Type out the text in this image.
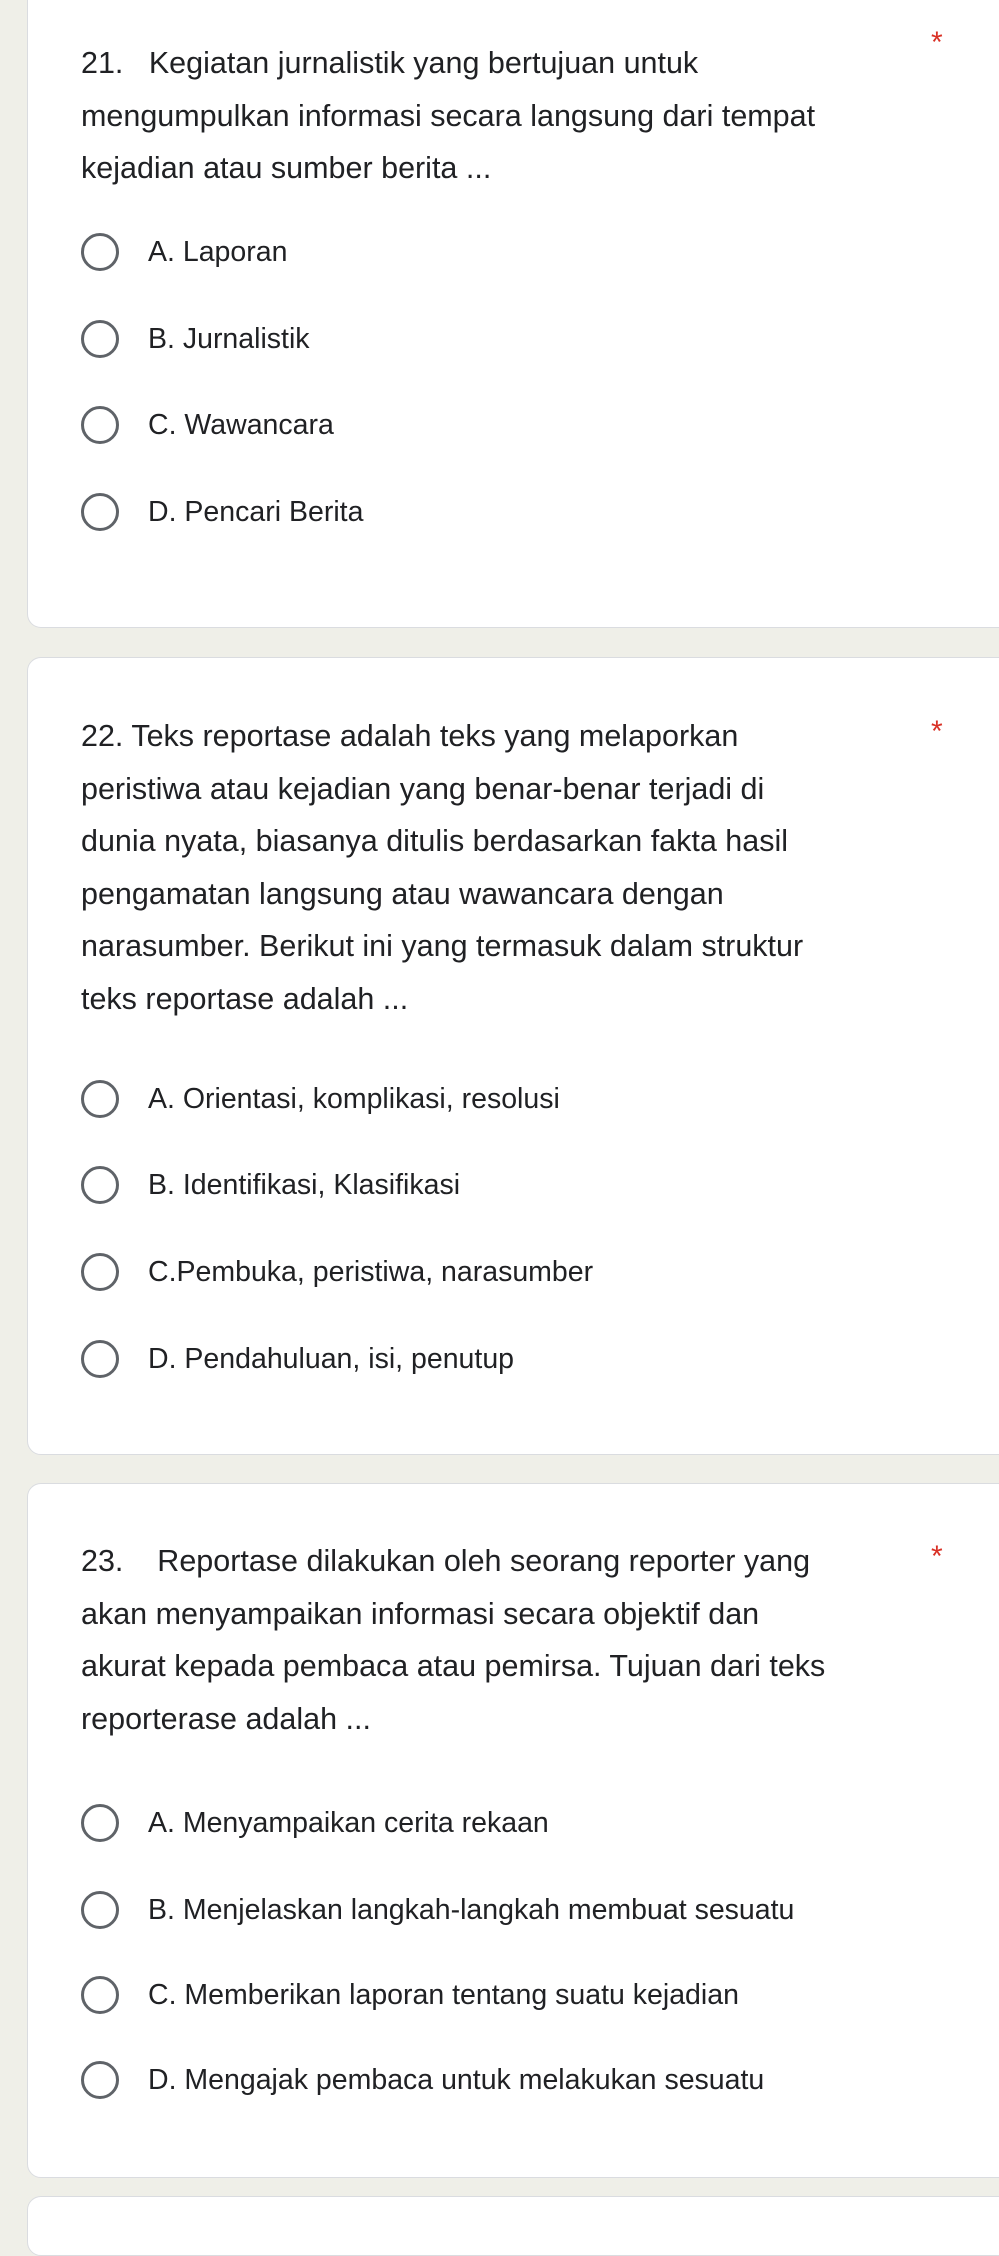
21.   Kegiatan jurnalistik yang bertujuan untuk
mengumpulkan informasi secara langsung dari tempat
kejadian atau sumber berita ...

*
A. Laporan
B. Jurnalistik
C. Wawancara
D. Pencari Berita

22. Teks reportase adalah teks yang melaporkan
peristiwa atau kejadian yang benar-benar terjadi di
dunia nyata, biasanya ditulis berdasarkan fakta hasil
pengamatan langsung atau wawancara dengan
narasumber. Berikut ini yang termasuk dalam struktur
teks reportase adalah ...

*
A. Orientasi, komplikasi, resolusi
B. Identifikasi, Klasifikasi
C.Pembuka, peristiwa, narasumber
D. Pendahuluan, isi, penutup

23.    Reportase dilakukan oleh seorang reporter yang
akan menyampaikan informasi secara objektif dan
akurat kepada pembaca atau pemirsa. Tujuan dari teks
reporterase adalah ...

*
A. Menyampaikan cerita rekaan
B. Menjelaskan langkah-langkah membuat sesuatu
C. Memberikan laporan tentang suatu kejadian
D. Mengajak pembaca untuk melakukan sesuatu
